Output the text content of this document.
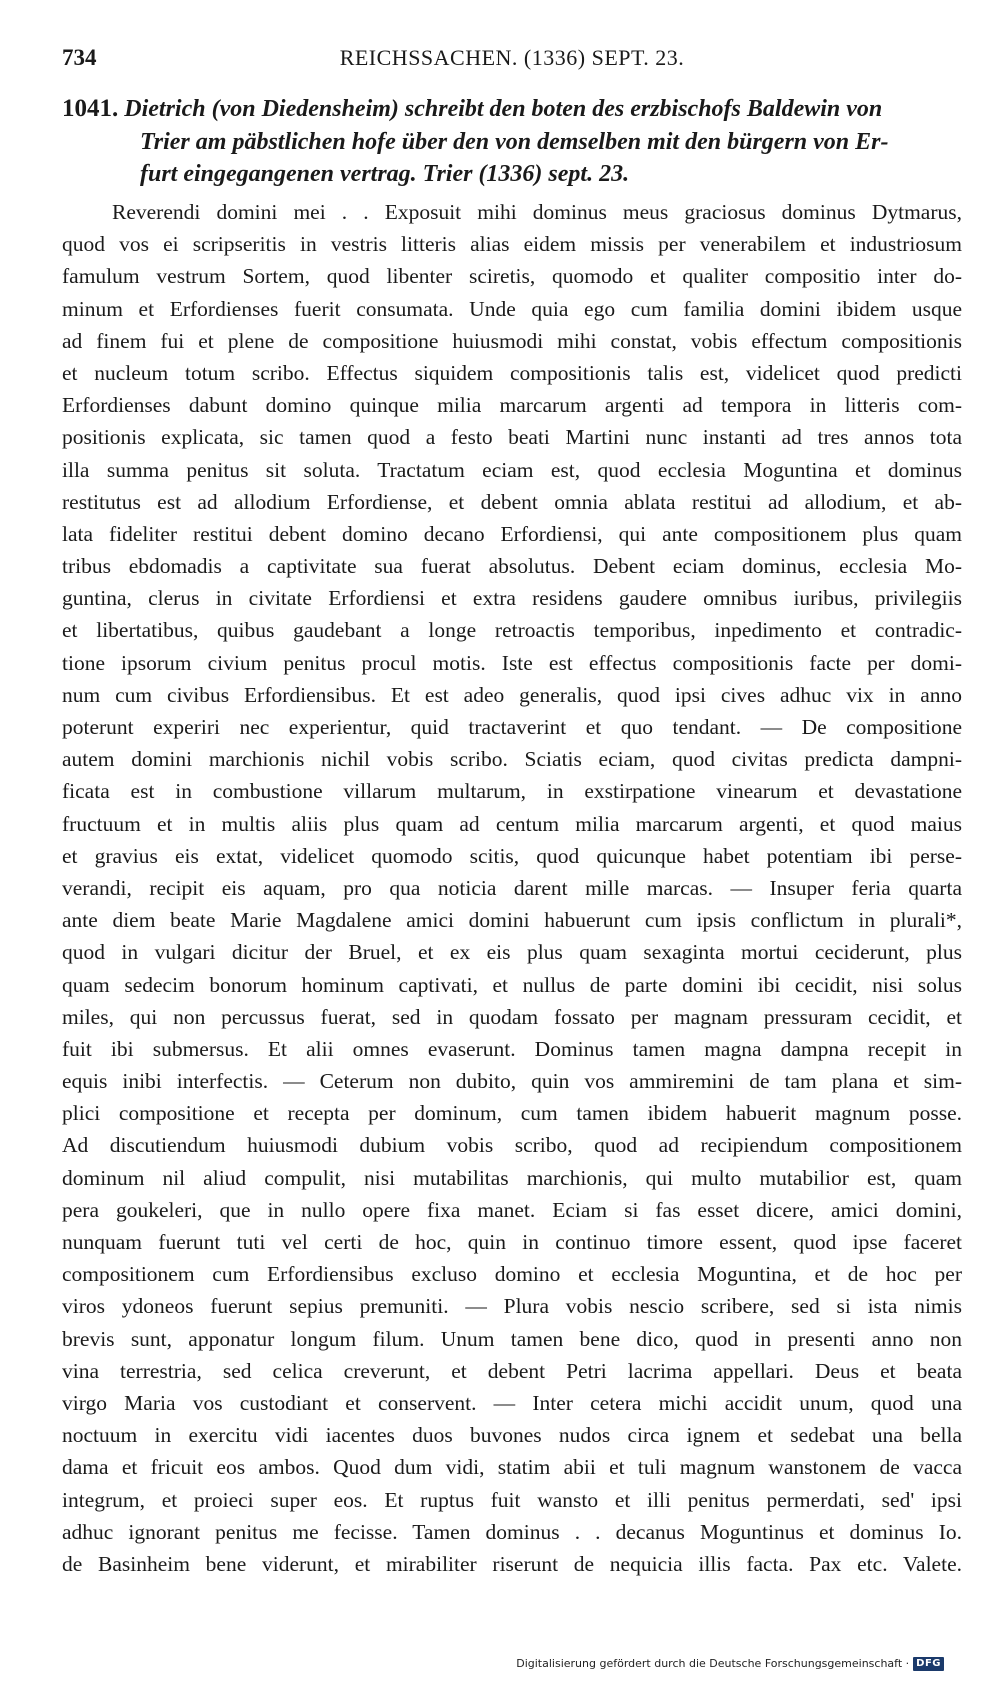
734	REICHSSACHEN. (1336) SEPT. 23.
1041. Dietrich (von Diedensheim) schreibt den boten des erzbischofs Baldewin von
Trier am päbstlichen hofe über den von demselben mit den bürgern von Er-
furt eingegangenen vertrag. Trier (1336) sept. 23.
Reverendi domini mei . . Exposuit mihi dominus meus graciosus dominus Dytmarus,
quod vos ei scripseritis in vestris litteris alias eidem missis per venerabilem et industriosum
famulum vestrum Sortem, quod libenter sciretis, quomodo et qualiter compositio inter do-
minum et Erfordienses fuerit consumata. Unde quia ego cum familia domini ibidem usque
ad finem fui et plene de compositione huiusmodi mihi constat, vobis effectum compositionis
et nucleum totum scribo. Effectus siquidem compositionis talis est, videlicet quod predicti
Erfordienses dabunt domino quinque milia marcarum argenti ad tempora in litteris com-
positionis explicata, sic tamen quod a festo beati Martini nunc instanti ad tres annos tota
illa summa penitus sit soluta. Tractatum eciam est, quod ecclesia Moguntina et dominus
restitutus est ad allodium Erfordiense, et debent omnia ablata restitui ad allodium, et ab-
lata fideliter restitui debent domino decano Erfordiensi, qui ante compositionem plus quam
tribus ebdomadis a captivitate sua fuerat absolutus. Debent eciam dominus, ecclesia Mo-
guntina, clerus in civitate Erfordiensi et extra residens gaudere omnibus iuribus, privilegiis
et libertatibus, quibus gaudebant a longe retroactis temporibus, inpedimento et contradic-
tione ipsorum civium penitus procul motis. Iste est effectus compositionis facte per domi-
num cum civibus Erfordiensibus. Et est adeo generalis, quod ipsi cives adhuc vix in anno
poterunt experiri nec experientur, quid tractaverint et quo tendant. — De compositione
autem domini marchionis nichil vobis scribo. Sciatis eciam, quod civitas predicta dampni-
ficata est in combustione villarum multarum, in exstirpatione vinearum et devastatione
fructuum et in multis aliis plus quam ad centum milia marcarum argenti, et quod maius
et gravius eis extat, videlicet quomodo scitis, quod quicunque habet potentiam ibi perse-
verandi, recipit eis aquam, pro qua noticia darent mille marcas. — Insuper feria quarta
ante diem beate Marie Magdalene amici domini habuerunt cum ipsis conflictum in plurali*,
quod in vulgari dicitur der Bruel, et ex eis plus quam sexaginta mortui ceciderunt, plus
quam sedecim bonorum hominum captivati, et nullus de parte domini ibi cecidit, nisi solus
miles, qui non percussus fuerat, sed in quodam fossato per magnam pressuram cecidit, et
fuit ibi submersus. Et alii omnes evaserunt. Dominus tamen magna dampna recepit in
equis inibi interfectis. — Ceterum non dubito, quin vos ammiremini de tam plana et sim-
plici compositione et recepta per dominum, cum tamen ibidem habuerit magnum posse.
Ad discutiendum huiusmodi dubium vobis scribo, quod ad recipiendum compositionem
dominum nil aliud compulit, nisi mutabilitas marchionis, qui multo mutabilior est, quam
pera goukeleri, que in nullo opere fixa manet. Eciam si fas esset dicere, amici domini,
nunquam fuerunt tuti vel certi de hoc, quin in continuo timore essent, quod ipse faceret
compositionem cum Erfordiensibus excluso domino et ecclesia Moguntina, et de hoc per
viros ydoneos fuerunt sepius premuniti. — Plura vobis nescio scribere, sed si ista nimis
brevis sunt, apponatur longum filum. Unum tamen bene dico, quod in presenti anno non
vina terrestria, sed celica creverunt, et debent Petri lacrima appellari. Deus et beata
virgo Maria vos custodiant et conservent. — Inter cetera michi accidit unum, quod una
noctuum in exercitu vidi iacentes duos buvones nudos circa ignem et sedebat una bella
dama et fricuit eos ambos. Quod dum vidi, statim abii et tuli magnum wanstonem de vacca
integrum, et proieci super eos. Et ruptus fuit wansto et illi penitus permerdati, sed' ipsi
adhuc ignorant penitus me fecisse. Tamen dominus . . decanus Moguntinus et dominus Io.
de Basinheim bene viderunt, et mirabiliter riserunt de nequicia illis facta. Pax etc. Valete.
Digitalisierung gefördert durch die Deutsche Forschungsgemeinschaft · DFG
